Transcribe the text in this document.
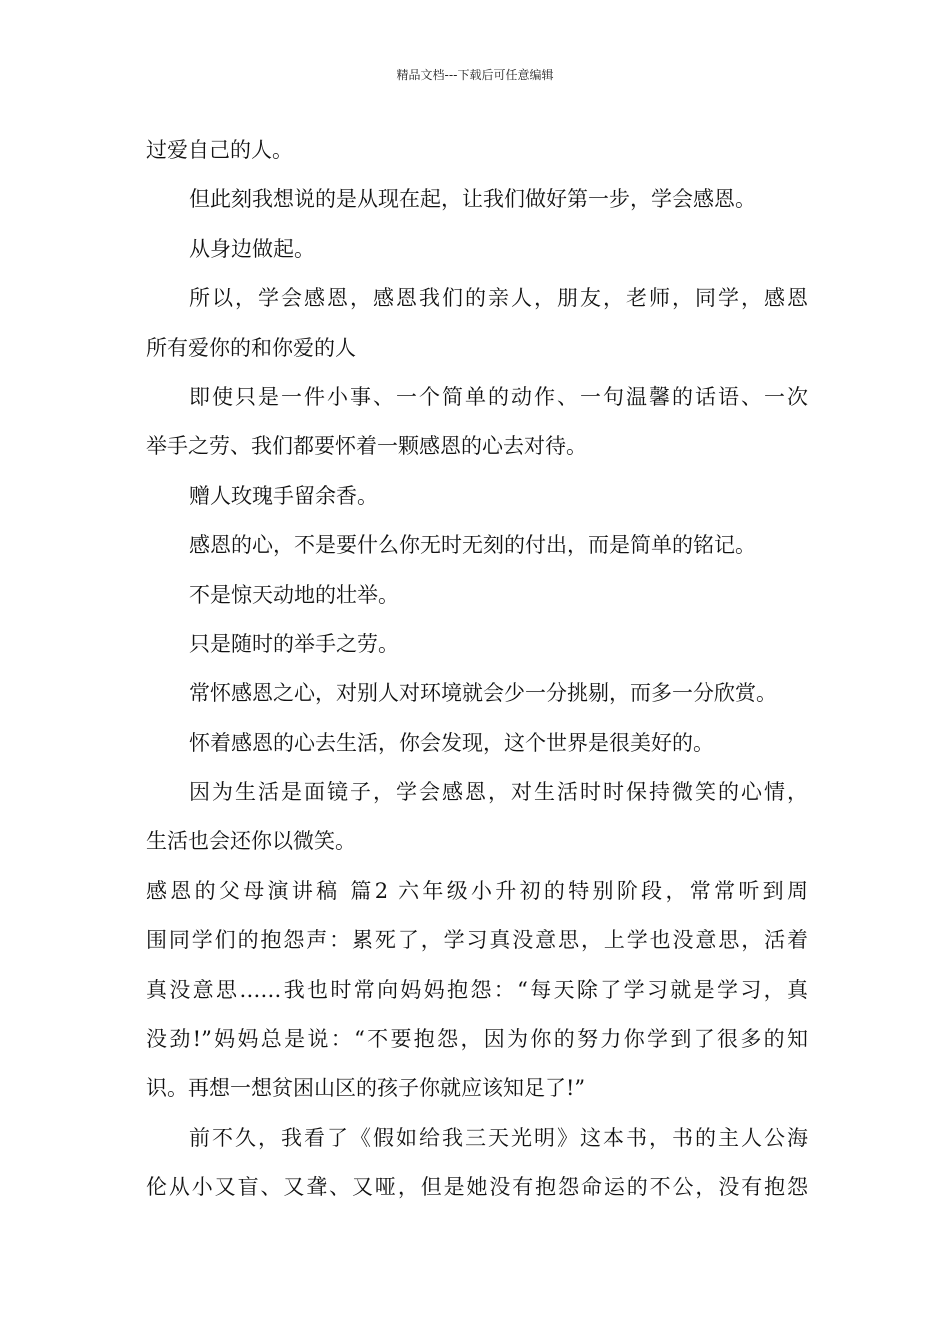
精品文档---下载后可任意编辑
过爱自己的人。
但此刻我想说的是从现在起，让我们做好第一步，学会感恩。
从身边做起。
所以，学会感恩，感恩我们的亲人，朋友，老师，同学，感恩
所有爱你的和你爱的人
即使只是一件小事、一个简单的动作、一句温馨的话语、一次
举手之劳、我们都要怀着一颗感恩的心去对待。
赠人玫瑰手留余香。
感恩的心，不是要什么你无时无刻的付出，而是简单的铭记。
不是惊天动地的壮举。
只是随时的举手之劳。
常怀感恩之心，对别人对环境就会少一分挑剔，而多一分欣赏。
怀着感恩的心去生活，你会发现，这个世界是很美好的。
因为生活是面镜子，学会感恩，对生活时时保持微笑的心情，
生活也会还你以微笑。
感恩的父母演讲稿 篇2 六年级小升初的特别阶段，常常听到周
围同学们的抱怨声：累死了，学习真没意思，上学也没意思，活着
真没意思……我也时常向妈妈抱怨：“每天除了学习就是学习，真
没劲!”妈妈总是说：“不要抱怨，因为你的努力你学到了很多的知
识。再想一想贫困山区的孩子你就应该知足了!”
前不久，我看了《假如给我三天光明》这本书，书的主人公海
伦从小又盲、又聋、又哑，但是她没有抱怨命运的不公，没有抱怨
